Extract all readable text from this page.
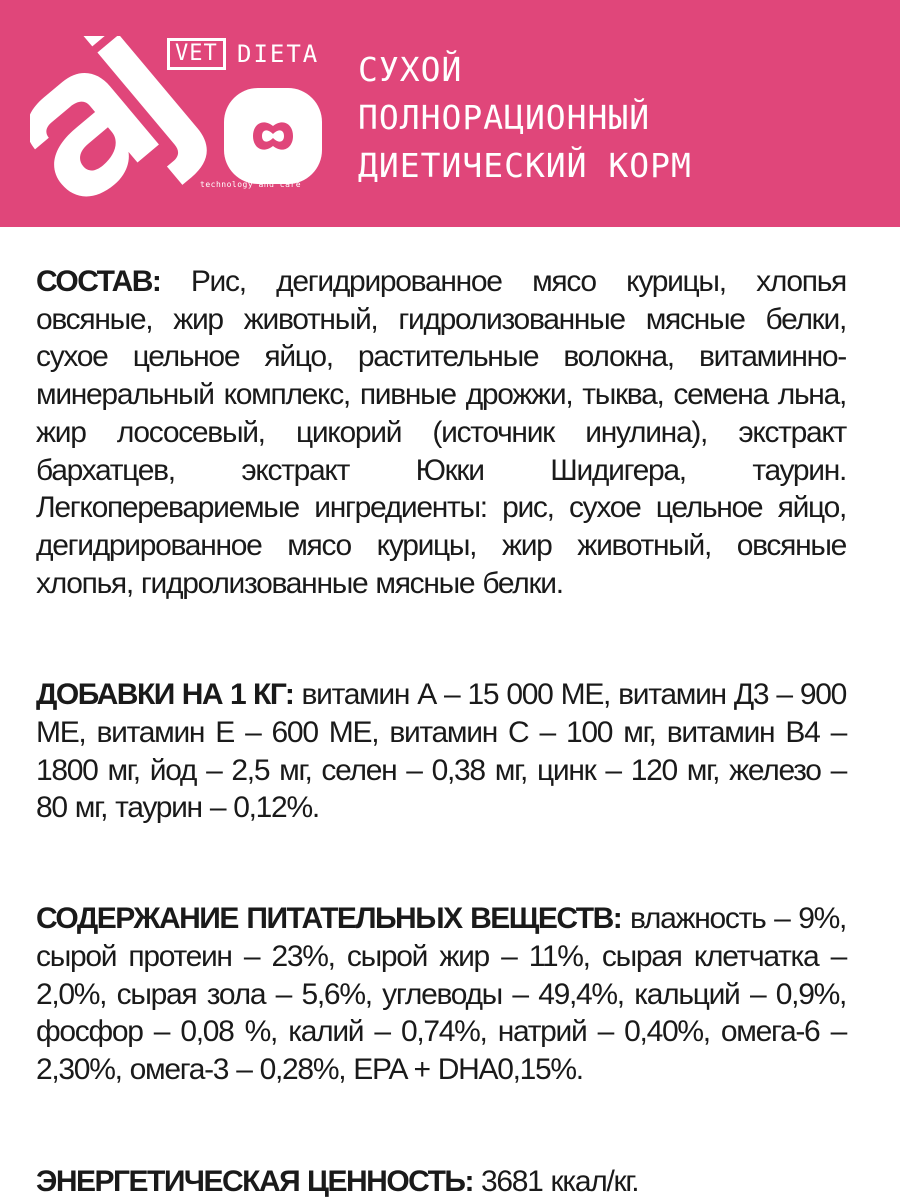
VET DIETA
technology and care
СУХОЙ
ПОЛНОРАЦИОННЫЙ
ДИЕТИЧЕСКИЙ КОРМ

СОСТАВ: Рис, дегидрированное мясо курицы, хлопья овсяные, жир животный, гидролизованные мясные белки, сухое цельное яйцо, растительные волокна, витаминно-минеральный комплекс, пивные дрожжи, тыква, семена льна, жир лососевый, цикорий (источник инулина), экстракт бархатцев, экстракт Юкки Шидигера, таурин. Легкоперевариемые ингредиенты: рис, сухое цельное яйцо, дегидрированное мясо курицы, жир животный, овсяные хлопья, гидролизованные мясные белки.

ДОБАВКИ НА 1 КГ: витамин А – 15 000 МЕ, витамин Д3 – 900 МЕ, витамин Е – 600 МЕ, витамин С – 100 мг, витамин В4 – 1800 мг, йод – 2,5 мг, селен – 0,38 мг, цинк – 120 мг, железо – 80 мг, таурин – 0,12%.

СОДЕРЖАНИЕ ПИТАТЕЛЬНЫХ ВЕЩЕСТВ: влажность – 9%, сырой протеин – 23%, сырой жир – 11%, сырая клетчатка – 2,0%, сырая зола – 5,6%, углеводы – 49,4%, кальций – 0,9%, фосфор – 0,08 %, калий – 0,74%, натрий – 0,40%, омега-6 – 2,30%, омега-3 – 0,28%, EPA + DHA0,15%.

ЭНЕРГЕТИЧЕСКАЯ ЦЕННОСТЬ: 3681 ккал/кг.
